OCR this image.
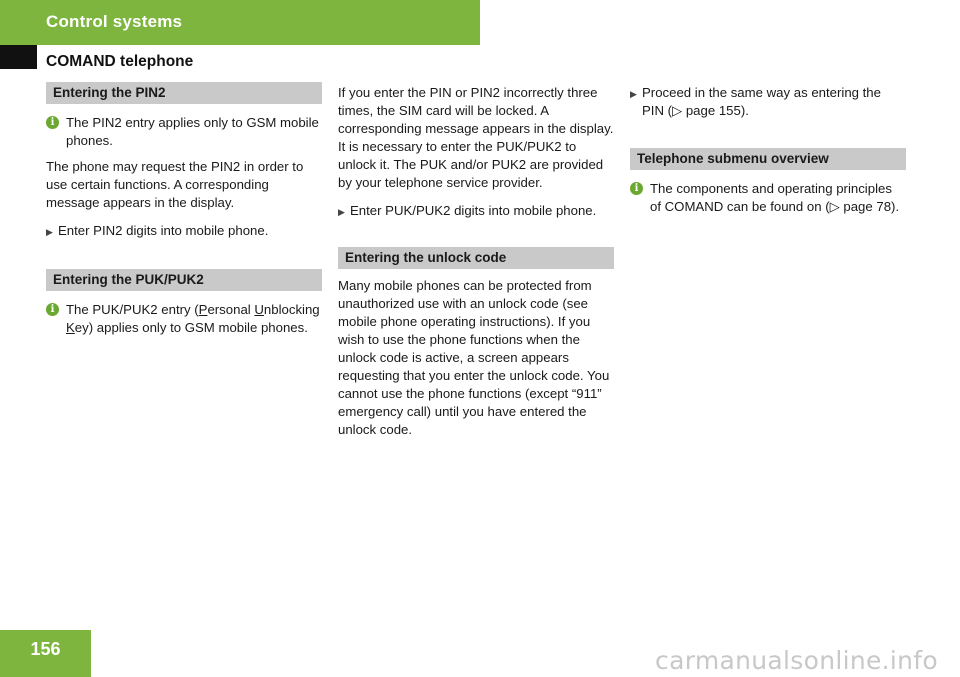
Control systems
COMAND telephone
Entering the PIN2
i The PIN2 entry applies only to GSM mobile phones.

The phone may request the PIN2 in order to use certain functions. A corresponding message appears in the display.

▶ Enter PIN2 digits into mobile phone.
Entering the PUK/PUK2
i The PUK/PUK2 entry (Personal Unblocking Key) applies only to GSM mobile phones.

If you enter the PIN or PIN2 incorrectly three times, the SIM card will be locked. A corresponding message appears in the display. It is necessary to enter the PUK/PUK2 to unlock it. The PUK and/or PUK2 are provided by your telephone service provider.

▶ Enter PUK/PUK2 digits into mobile phone.
Entering the unlock code

Many mobile phones can be protected from unauthorized use with an unlock code (see mobile phone operating instructions). If you wish to use the phone functions when the unlock code is active, a screen appears requesting that you enter the unlock code. You cannot use the phone functions (except “911” emergency call) until you have entered the unlock code.

▶ Proceed in the same way as entering the PIN (▷ page 155).
Telephone submenu overview
i The components and operating principles of COMAND can be found on (▷ page 78).
156	carmanualsonline.info
